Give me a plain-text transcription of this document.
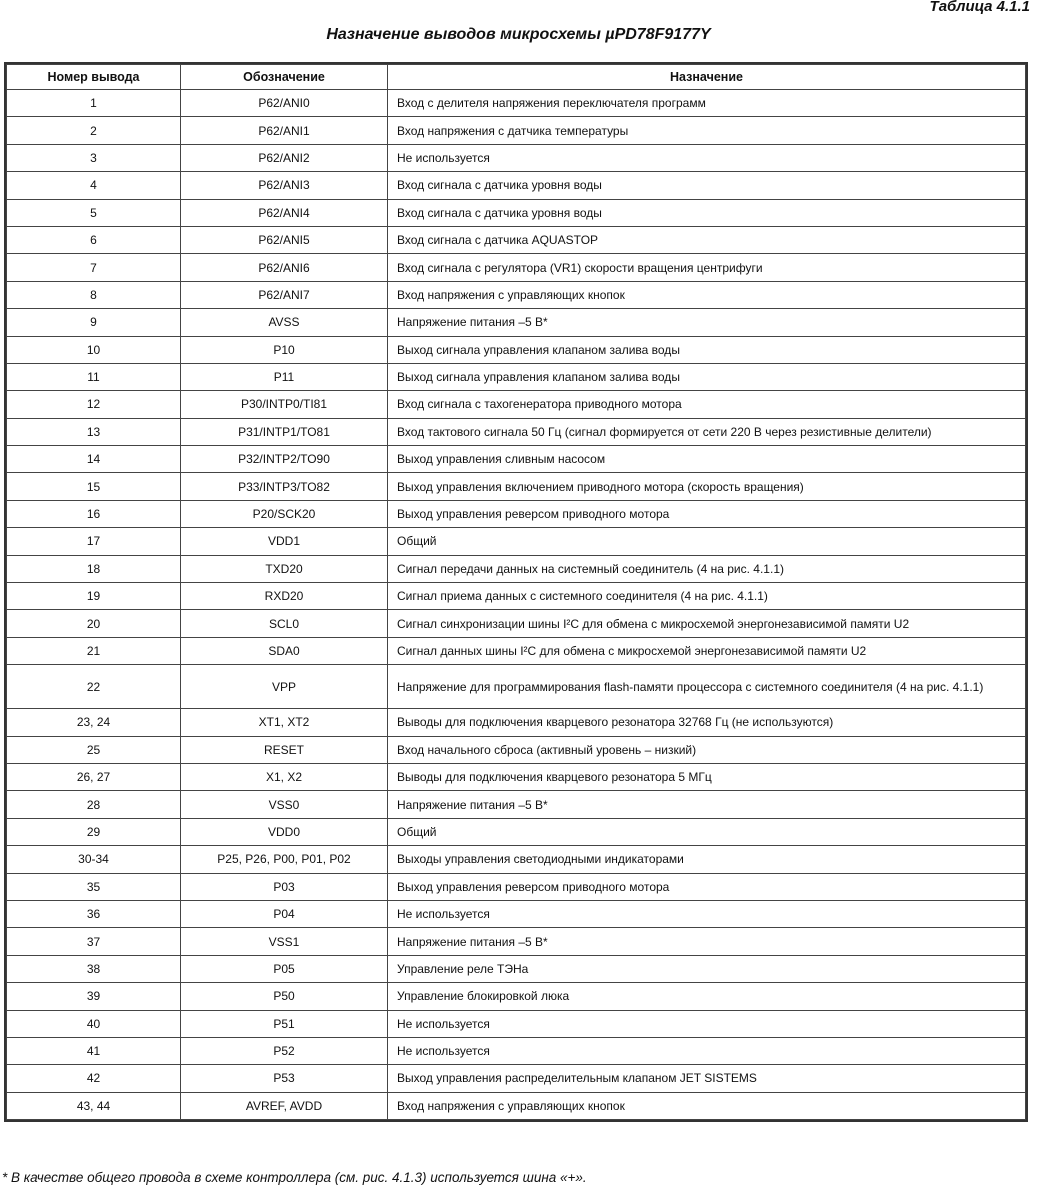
Таблица 4.1.1
Назначение выводов микросхемы µPD78F9177Y
Номер вывода	Обозначение	Назначение
1	P62/ANI0	Вход с делителя напряжения переключателя программ
2	P62/ANI1	Вход напряжения с датчика температуры
3	P62/ANI2	Не используется
4	P62/ANI3	Вход сигнала с датчика уровня воды
5	P62/ANI4	Вход сигнала с датчика уровня воды
6	P62/ANI5	Вход сигнала с датчика AQUASTOP
7	P62/ANI6	Вход сигнала с регулятора (VR1) скорости вращения центрифуги
8	P62/ANI7	Вход напряжения с управляющих кнопок
9	AVSS	Напряжение питания –5 В*
10	P10	Выход сигнала управления клапаном залива воды
11	P11	Выход сигнала управления клапаном залива воды
12	P30/INTP0/TI81	Вход сигнала с тахогенератора приводного мотора
13	P31/INTP1/TO81	Вход тактового сигнала 50 Гц (сигнал формируется от сети 220 В через резистивные делители)
14	P32/INTP2/TO90	Выход управления сливным насосом
15	P33/INTP3/TO82	Выход управления включением приводного мотора (скорость вращения)
16	P20/SCK20	Выход управления реверсом приводного мотора
17	VDD1	Общий
18	TXD20	Сигнал передачи данных на системный соединитель (4 на рис. 4.1.1)
19	RXD20	Сигнал приема данных с системного соединителя (4 на рис. 4.1.1)
20	SCL0	Сигнал синхронизации шины I²C для обмена с микросхемой энергонезависимой памяти U2
21	SDA0	Сигнал данных шины I²C для обмена с микросхемой энергонезависимой памяти U2
22	VPP	Напряжение для программирования flash-памяти процессора с системного соединителя (4 на рис. 4.1.1)
23, 24	XT1, XT2	Выводы для подключения кварцевого резонатора 32768 Гц (не используются)
25	RESET	Вход начального сброса (активный уровень – низкий)
26, 27	X1, X2	Выводы для подключения кварцевого резонатора 5 МГц
28	VSS0	Напряжение питания –5 В*
29	VDD0	Общий
30-34	P25, P26, P00, P01, P02	Выходы управления светодиодными индикаторами
35	P03	Выход управления реверсом приводного мотора
36	P04	Не используется
37	VSS1	Напряжение питания –5 В*
38	P05	Управление реле ТЭНа
39	P50	Управление блокировкой люка
40	P51	Не используется
41	P52	Не используется
42	P53	Выход управления распределительным клапаном JET SISTEMS
43, 44	AVREF, AVDD	Вход напряжения с управляющих кнопок
* В качестве общего провода в схеме контроллера (см. рис. 4.1.3) используется шина «+».
